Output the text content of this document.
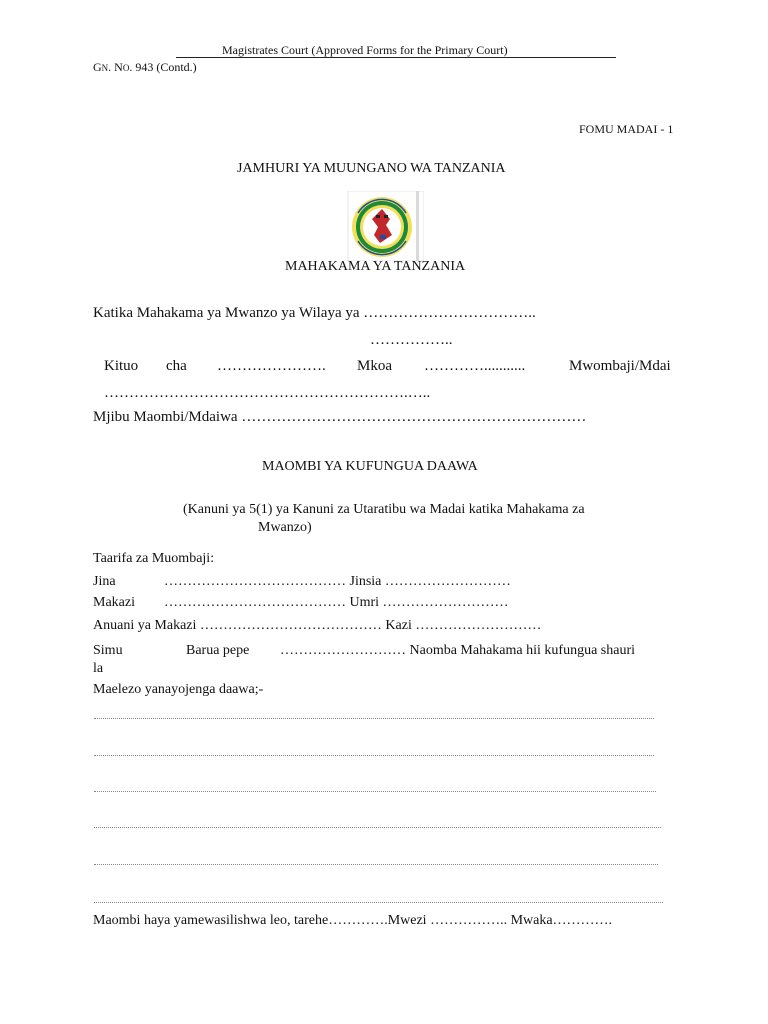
Magistrates Court (Approved Forms for the Primary Court)
GN. NO. 943 (Contd.)
FOMU MADAI - 1
JAMHURI YA MUUNGANO WA TANZANIA
MAHAKAMA YA TANZANIA
Katika Mahakama ya Mwanzo ya Wilaya ya ……………………………..
……………..
Kituo cha …………………. Mkoa …………...........	Mwombaji/Mdai
…………………………………………………….…..
Mjibu Maombi/Mdaiwa ……………………………………………………………
MAOMBI YA KUFUNGUA DAAWA
(Kanuni ya 5(1) ya Kanuni za Utaratibu wa Madai katika Mahakama za
Mwanzo)
Taarifa za Muombaji:
Jina	………………………………… Jinsia ………………………
Makazi ………………………………… Umri ………………………
Anuani ya Makazi ………………………………… Kazi ………………………
Simu	Barua pepe ……………………… Naomba Mahakama hii kufungua shauri
la
Maelezo yanayojenga daawa;-
Maombi haya yamewasilishwa leo, tarehe………….Mwezi …………….. Mwaka………….
